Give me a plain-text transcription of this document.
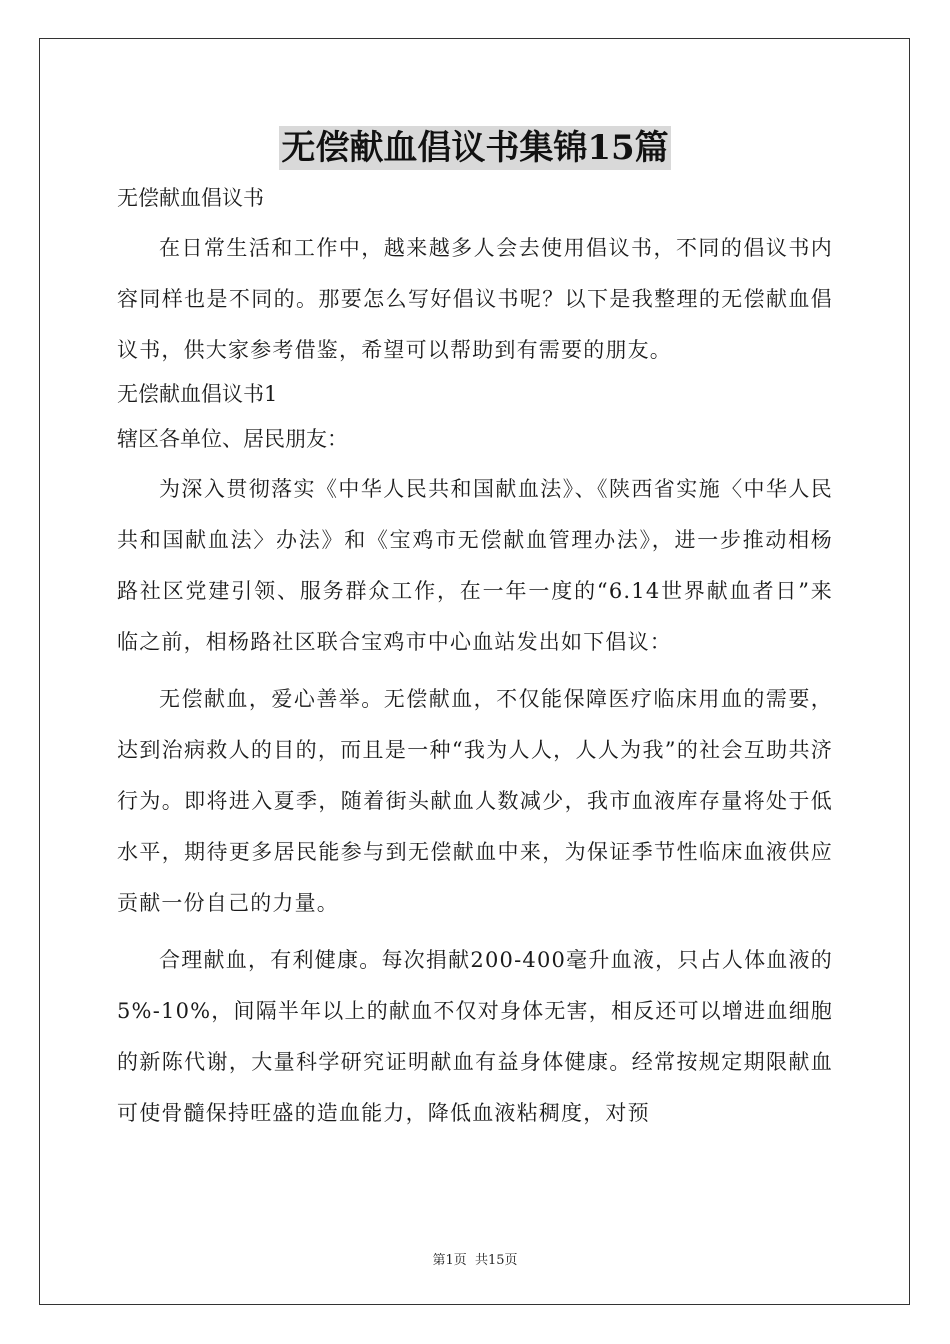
无偿献血倡议书集锦15篇

无偿献血倡议书

在日常生活和工作中，越来越多人会去使用倡议书，不同的倡议书内容同样也是不同的。那要怎么写好倡议书呢？以下是我整理的无偿献血倡议书，供大家参考借鉴，希望可以帮助到有需要的朋友。

无偿献血倡议书1

辖区各单位、居民朋友：

为深入贯彻落实《中华人民共和国献血法》、《陕西省实施〈中华人民共和国献血法〉办法》和《宝鸡市无偿献血管理办法》，进一步推动相杨路社区党建引领、服务群众工作，在一年一度的“6.14世界献血者日”来临之前，相杨路社区联合宝鸡市中心血站发出如下倡议：

无偿献血，爱心善举。无偿献血，不仅能保障医疗临床用血的需要，达到治病救人的目的，而且是一种“我为人人，人人为我”的社会互助共济行为。即将进入夏季，随着街头献血人数减少，我市血液库存量将处于低水平，期待更多居民能参与到无偿献血中来，为保证季节性临床血液供应贡献一份自己的力量。

合理献血，有利健康。每次捐献200-400毫升血液，只占人体血液的5%-10%，间隔半年以上的献血不仅对身体无害，相反还可以增进血细胞的新陈代谢，大量科学研究证明献血有益身体健康。经常按规定期限献血可使骨髓保持旺盛的造血能力，降低血液粘稠度，对预

第1页 共15页
